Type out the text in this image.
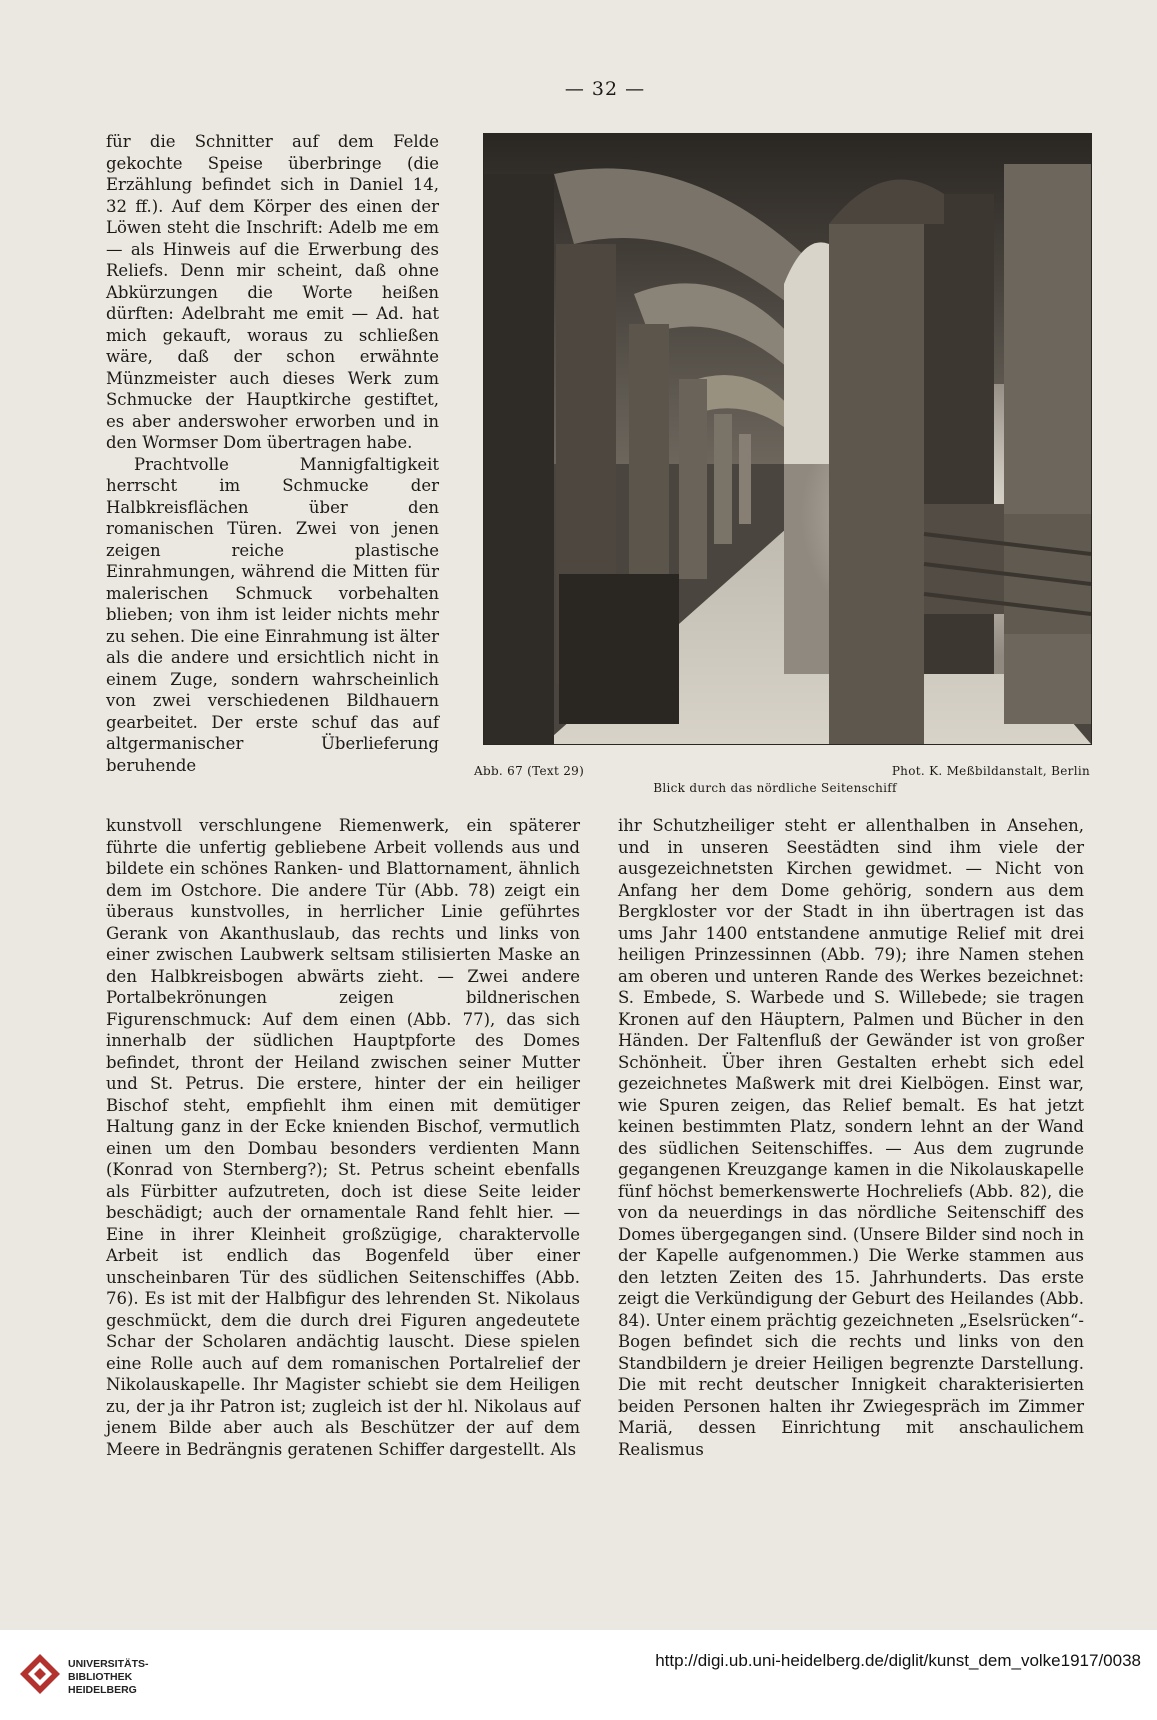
— 32 —

für die Schnitter auf dem Felde gekochte Speise überbringe (die Erzählung befindet sich in Daniel 14, 32 ff.). Auf dem Körper des einen der Löwen steht die Inschrift: Adelb me em — als Hinweis auf die Erwerbung des Reliefs. Denn mir scheint, daß ohne Abkürzungen die Worte heißen dürften: Adelbraht me emit — Ad. hat mich gekauft, woraus zu schließen wäre, daß der schon erwähnte Münzmeister auch dieses Werk zum Schmucke der Hauptkirche gestiftet, es aber anderswoher erworben und in den Wormser Dom übertragen habe.

Prachtvolle Mannigfaltigkeit herrscht im Schmucke der Halbkreisflächen über den romanischen Türen. Zwei von jenen zeigen reiche plastische Einrahmungen, während die Mitten für malerischen Schmuck vorbehalten blieben; von ihm ist leider nichts mehr zu sehen. Die eine Einrahmung ist älter als die andere und ersichtlich nicht in einem Zuge, sondern wahrscheinlich von zwei verschiedenen Bildhauern gearbeitet. Der erste schuf das auf altgermanischer Überlieferung beruhende	Abb. 67 (Text 29)	Phot. K. Meßbildanstalt, Berlin
Blick durch das nördliche Seitenschiff

kunstvoll verschlungene Riemenwerk, ein späterer führte die unfertig gebliebene Arbeit vollends aus und bildete ein schönes Ranken- und Blattornament, ähnlich dem im Ostchore. Die andere Tür (Abb. 78) zeigt ein überaus kunstvolles, in herrlicher Linie geführtes Gerank von Akanthuslaub, das rechts und links von einer zwischen Laubwerk seltsam stilisierten Maske an den Halbkreisbogen abwärts zieht. — Zwei andere Portalbekrönungen zeigen bildnerischen Figurenschmuck: Auf dem einen (Abb. 77), das sich innerhalb der südlichen Hauptpforte des Domes befindet, thront der Heiland zwischen seiner Mutter und St. Petrus. Die erstere, hinter der ein heiliger Bischof steht, empfiehlt ihm einen mit demütiger Haltung ganz in der Ecke knienden Bischof, vermutlich einen um den Dombau besonders verdienten Mann (Konrad von Sternberg?); St. Petrus scheint ebenfalls als Fürbitter aufzutreten, doch ist diese Seite leider beschädigt; auch der ornamentale Rand fehlt hier. — Eine in ihrer Kleinheit großzügige, charaktervolle Arbeit ist endlich das Bogenfeld über einer unscheinbaren Tür des südlichen Seitenschiffes (Abb. 76). Es ist mit der Halbfigur des lehrenden St. Nikolaus geschmückt, dem die durch drei Figuren angedeutete Schar der Scholaren andächtig lauscht. Diese spielen eine Rolle auch auf dem romanischen Portalrelief der Nikolauskapelle. Ihr Magister schiebt sie dem Heiligen zu, der ja ihr Patron ist; zugleich ist der hl. Nikolaus auf jenem Bilde aber auch als Beschützer der auf dem Meere in Bedrängnis geratenen Schiffer dargestellt. Als

ihr Schutzheiliger steht er allenthalben in Ansehen, und in unseren Seestädten sind ihm viele der ausgezeichnetsten Kirchen gewidmet. — Nicht von Anfang her dem Dome gehörig, sondern aus dem Bergkloster vor der Stadt in ihn übertragen ist das ums Jahr 1400 entstandene anmutige Relief mit drei heiligen Prinzessinnen (Abb. 79); ihre Namen stehen am oberen und unteren Rande des Werkes bezeichnet: S. Embede, S. Warbede und S. Willebede; sie tragen Kronen auf den Häuptern, Palmen und Bücher in den Händen. Der Faltenfluß der Gewänder ist von großer Schönheit. Über ihren Gestalten erhebt sich edel gezeichnetes Maßwerk mit drei Kielbögen. Einst war, wie Spuren zeigen, das Relief bemalt. Es hat jetzt keinen bestimmten Platz, sondern lehnt an der Wand des südlichen Seitenschiffes. — Aus dem zugrunde gegangenen Kreuzgange kamen in die Nikolauskapelle fünf höchst bemerkenswerte Hochreliefs (Abb. 82), die von da neuerdings in das nördliche Seitenschiff des Domes übergegangen sind. (Unsere Bilder sind noch in der Kapelle aufgenommen.) Die Werke stammen aus den letzten Zeiten des 15. Jahrhunderts. Das erste zeigt die Verkündigung der Geburt des Heilandes (Abb. 84). Unter einem prächtig gezeichneten „Eselsrücken“-Bogen befindet sich die rechts und links von den Standbildern je dreier Heiligen begrenzte Darstellung. Die mit recht deutscher Innigkeit charakterisierten beiden Personen halten ihr Zwiegespräch im Zimmer Mariä, dessen Einrichtung mit anschaulichem Realismus

UNIVERSITÄTS-
BIBLIOTHEK
HEIDELBERG
http://digi.ub.uni-heidelberg.de/diglit/kunst_dem_volke1917/0038
